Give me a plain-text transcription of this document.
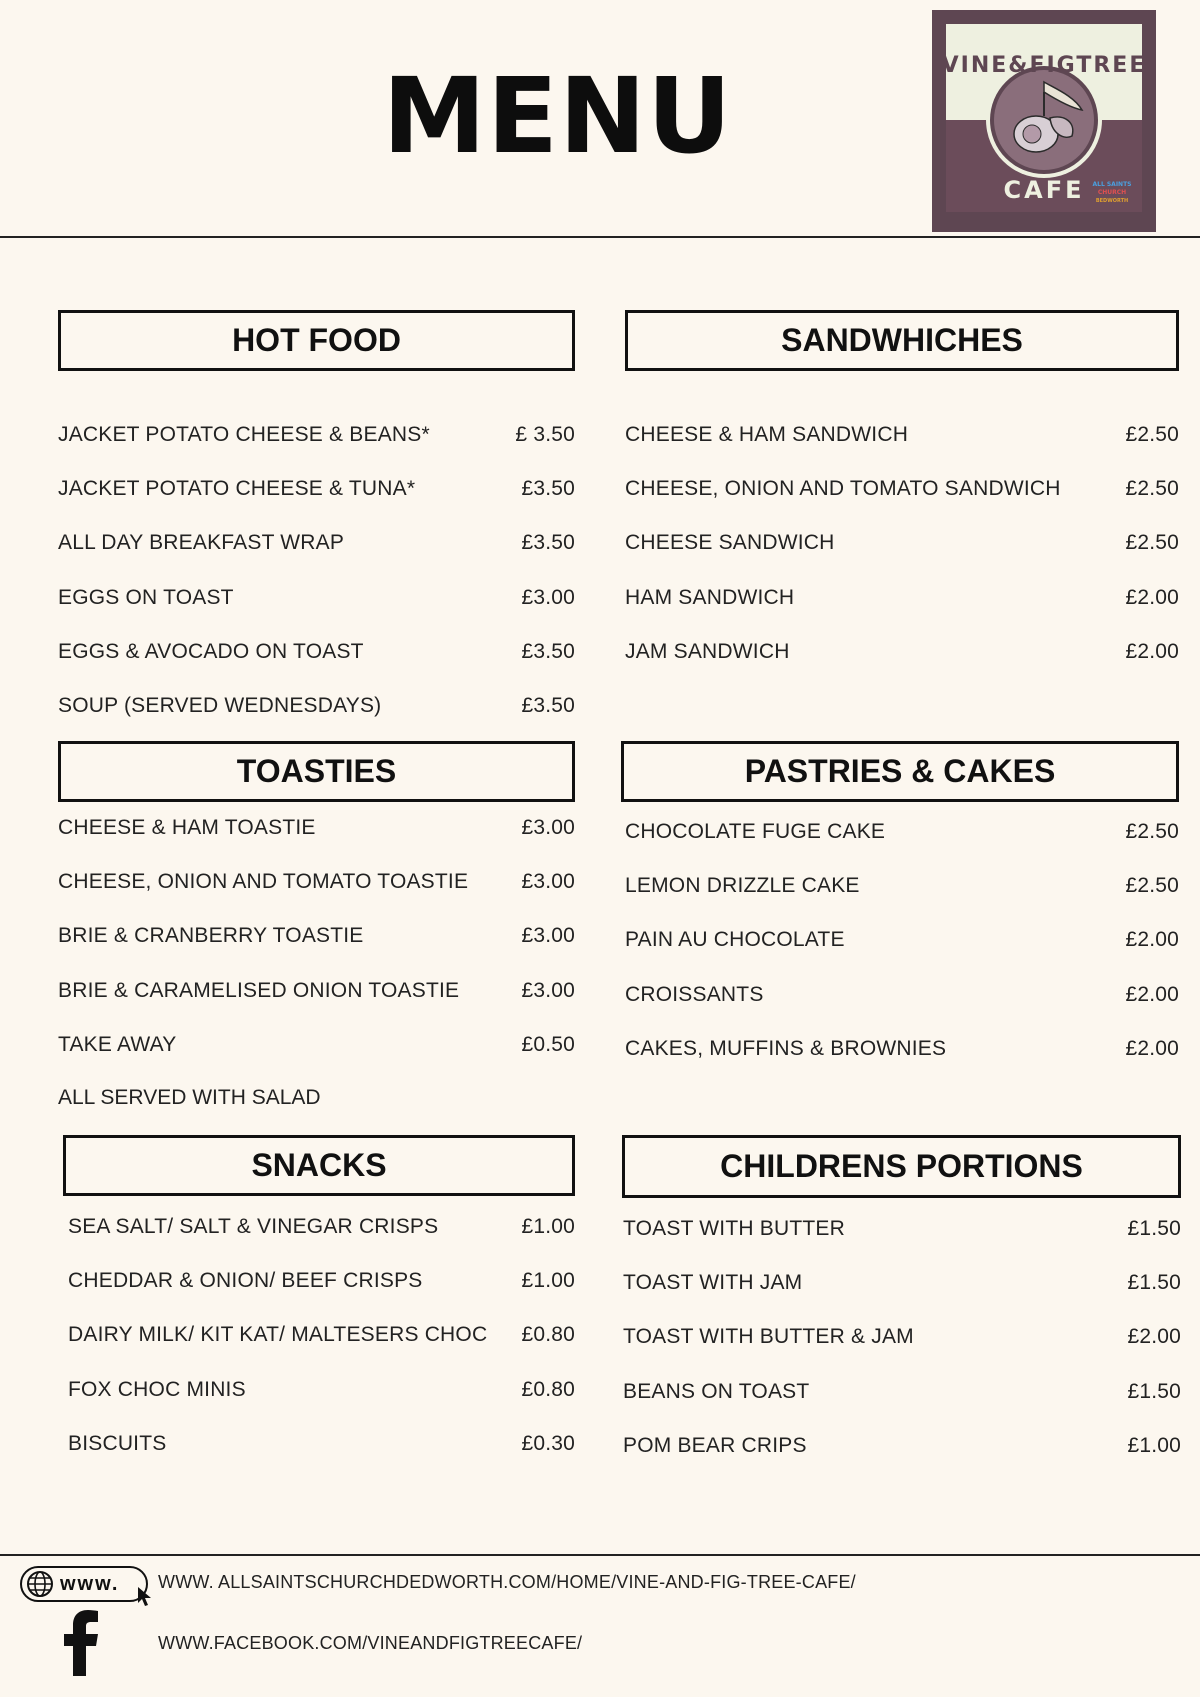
MENU	VINE&FIGTREE
CAFE ALL SAINTS
CHURCH
BEDWORTH
HOT FOOD
JACKET POTATO CHEESE & BEANS*	£ 3.50
JACKET POTATO CHEESE & TUNA*	£3.50
ALL DAY BREAKFAST WRAP	£3.50
EGGS ON TOAST	£3.00
EGGS & AVOCADO ON TOAST	£3.50
SOUP (SERVED WEDNESDAYS)	£3.50
SANDWHICHES
CHEESE & HAM SANDWICH	£2.50
CHEESE, ONION AND TOMATO SANDWICH	£2.50
CHEESE SANDWICH	£2.50
HAM SANDWICH	£2.00
JAM SANDWICH	£2.00
TOASTIES
CHEESE & HAM TOASTIE	£3.00
CHEESE, ONION AND TOMATO TOASTIE	£3.00
BRIE & CRANBERRY TOASTIE	£3.00
BRIE & CARAMELISED ONION TOASTIE	£3.00
TAKE AWAY	£0.50
ALL SERVED WITH SALAD
PASTRIES & CAKES
CHOCOLATE FUGE CAKE	£2.50
LEMON DRIZZLE CAKE	£2.50
PAIN AU CHOCOLATE	£2.00
CROISSANTS	£2.00
CAKES, MUFFINS & BROWNIES	£2.00
SNACKS
SEA SALT/ SALT & VINEGAR CRISPS	£1.00
CHEDDAR & ONION/ BEEF CRISPS	£1.00
DAIRY MILK/ KIT KAT/ MALTESERS CHOC £0.80
FOX CHOC MINIS	£0.80
BISCUITS	£0.30
CHILDRENS PORTIONS
TOAST WITH BUTTER	£1.50
TOAST WITH JAM	£1.50
TOAST WITH BUTTER & JAM	£2.00
BEANS ON TOAST	£1.50
POM BEAR CRIPS	£1.00
www. WWW. ALLSAINTSCHURCHDEDWORTH.COM/HOME/VINE-AND-FIG-TREE-CAFE/
WWW.FACEBOOK.COM/VINEANDFIGTREECAFE/
